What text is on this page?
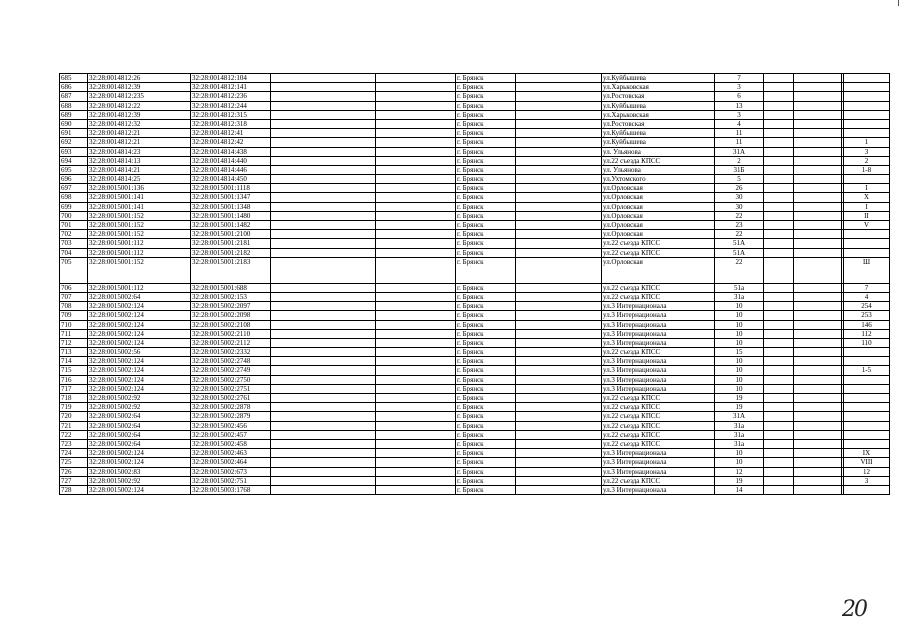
685	32:28:0014812:26	32:28:0014812:104			г. Брянск		ул.Куйбышева	7				
686	32:28:0014812:39	32:28:0014812:141			г. Брянск		ул.Харьковская	3				
687	32:28:0014812:235	32:28:0014812:236			г. Брянск		ул.Ростовская	6				
688	32:28:0014812:22	32:28:0014812:244			г. Брянск		ул.Куйбышева	13				
689	32:28:0014812:39	32:28:0014812:315			г. Брянск		ул.Харьковская	3				
690	32:28:0014812:32	32:28:0014812:318			г. Брянск		ул.Ростовская	4				
691	32:28:0014812:21	32:28:0014812:41			г. Брянск		ул.Куйбышева	11				
692	32:28:0014812:21	32:28:0014812:42			г. Брянск		ул.Куйбышева	11				1
693	32:28:0014814:23	32:28:0014814:438			г. Брянск		ул. Ульянова	31А				3
694	32:28:0014814:13	32:28:0014814:440			г. Брянск		ул.22 съезда КПСС	2				2
695	32:28:0014814:21	32:28:0014814:446			г. Брянск		ул. Ульянова	31Б				1-8
696	32:28:0014814:25	32:28:0014814:450			г. Брянск		ул.Ухтомского	5				
697	32:28:0015001:136	32:28:0015001:1118			г. Брянск		ул.Орловская	26				I
698	32:28:0015001:141	32:28:0015001:1347			г. Брянск		ул.Орловская	30				X
699	32:28:0015001:141	32:28:0015001:1348			г. Брянск		ул.Орловская	30				I
700	32:28:0015001:152	32:28:0015001:1480			г. Брянск		ул.Орловская	22				II
701	32:28:0015001:152	32:28:0015001:1482			г. Брянск		ул.Орловская	23				V
702	32:28:0015001:152	32:28:0015001:2100			г. Брянск		ул.Орловская	22				
703	32:28:0015001:112	32:28:0015001:2181			г. Брянск		ул.22 съезда КПСС	51А				
704	32:28:0015001:112	32:28:0015001:2182			г. Брянск		ул.22 съезда КПСС	51А				
705	32:28:0015001:152	32:28:0015001:2183			г. Брянск		ул.Орловская	22				Ш
706	32:28:0015001:112	32:28:0015001:688			г. Брянск		ул.22 съезда КПСС	51а				7
707	32:28:0015002:64	32:28:0015002:153			г. Брянск		ул.22 съезда КПСС	31а				4
708	32:28:0015002:124	32:28:0015002:2097			г. Брянск		ул.3 Интернационала	10				254
709	32:28:0015002:124	32:28:0015002:2098			г. Брянск		ул.3 Интернационала	10				253
710	32:28:0015002:124	32:28:0015002:2108			г. Брянск		ул.3 Интернационала	10				146
711	32:28:0015002:124	32:28:0015002:2110			г. Брянск		ул.3 Интернационала	10				112
712	32:28:0015002:124	32:28:0015002:2112			г. Брянск		ул.3 Интернационала	10				110
713	32:28:0015002:56	32:28:0015002:2332			г. Брянск		ул.22 съезда КПСС	15				
714	32:28:0015002:124	32:28:0015002:2748			г. Брянск		ул.3 Интернационала	10				
715	32:28:0015002:124	32:28:0015002:2749			г. Брянск		ул.3 Интернационала	10				1-5
716	32:28:0015002:124	32:28:0015002:2750			г. Брянск		ул.3 Интернационала	10				
717	32:28:0015002:124	32:28:0015002:2751			г. Брянск		ул.3 Интернационала	10				
718	32:28:0015002:92	32:28:0015002:2761			г. Брянск		ул.22 съезда КПСС	19				
719	32:28:0015002:92	32:28:0015002:2878			г. Брянск		ул.22 съезда КПСС	19				
720	32:28:0015002:64	32:28:0015002:2879			г. Брянск		ул.22 съезда КПСС	31А				
721	32:28:0015002:64	32:28:0015002:456			г. Брянск		ул.22 съезда КПСС	31а				
722	32:28:0015002:64	32:28:0015002:457			г. Брянск		ул.22 съезда КПСС	31а				
723	32:28:0015002:64	32:28:0015002:458			г. Брянск		ул.22 съезда КПСС	31а				
724	32:28:0015002:124	32:28:0015002:463			г. Брянск		ул.3 Интернационала	10				IX
725	32:28:0015002:124	32:28:0015002:464			г. Брянск		ул.3 Интернационала	10				VIII
726	32:28:0015002:83	32:28:0015002:673			г. Брянск		ул.3 Интернационала	12				12
727	32:28:0015002:92	32:28:0015002:751			г. Брянск		ул.22 съезда КПСС	19				3
728	32:28:0015002:124	32:28:0015003:1768			г. Брянск		ул.3 Интернационала	14				
20
